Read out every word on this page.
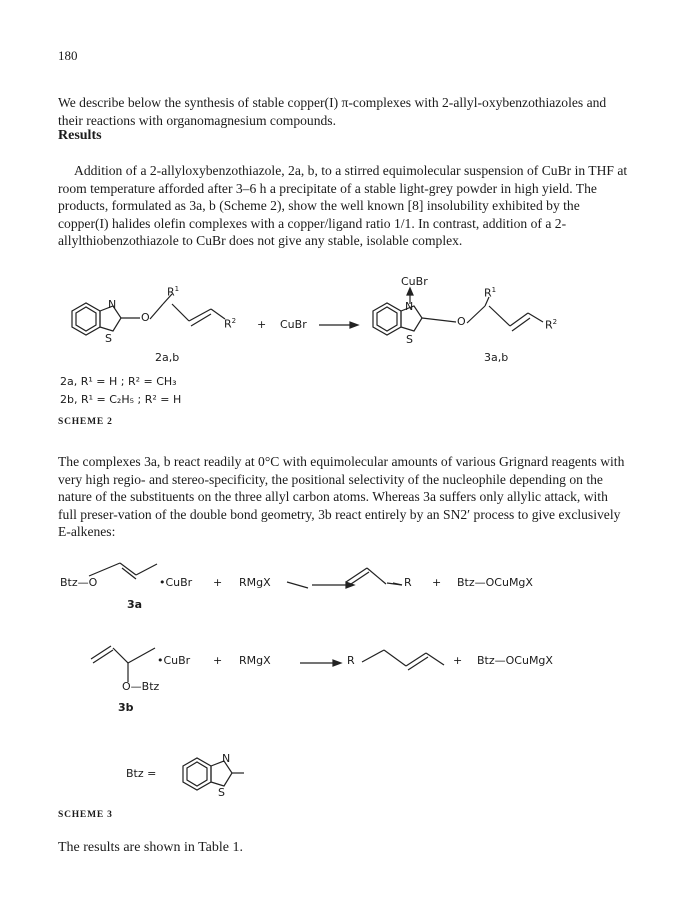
180
We describe below the synthesis of stable copper(I) π-complexes with 2-allyl-oxybenzothiazoles and their reactions with organomagnesium compounds.
Results
Addition of a 2-allyloxybenzothiazole, 2a, b, to a stirred equimolecular suspension of CuBr in THF at room temperature afforded after 3–6 h a precipitate of a stable light-grey powder in high yield. The products, formulated as 3a, b (Scheme 2), show the well known [8] insolubility exhibited by the copper(I) halides olefin complexes with a copper/ligand ratio 1/1. In contrast, addition of a 2-allylthiobenzothiazole to CuBr does not give any stable, isolable complex.
$R^1$
N
S
O
$R^2$ + CuBr
CuBr
N
S
O
$R^1$
$R^2$
2a,b	3a,b
2a, R¹ = H ; R² = CH₃
2b, R¹ = C₂H₅ ; R² = H
SCHEME 2
The complexes 3a, b react readily at 0°C with equimolecular amounts of various Grignard reagents with very high regio- and stereo-specificity, the positional selectivity of the nucleophile depending on the nature of the substituents on the three allyl carbon atoms. Whereas 3a suffers only allylic attack, with full preser-vation of the double bond geometry, 3b react entirely by an SN2′ process to give exclusively E-alkenes:
Btz—O	•CuBr + RMgX	R + Btz—OCuMgX
3a
•CuBr + RMgX	R	+ Btz—OCuMgX
O—Btz
3b
Btz =
N
S
SCHEME 3
The results are shown in Table 1.
